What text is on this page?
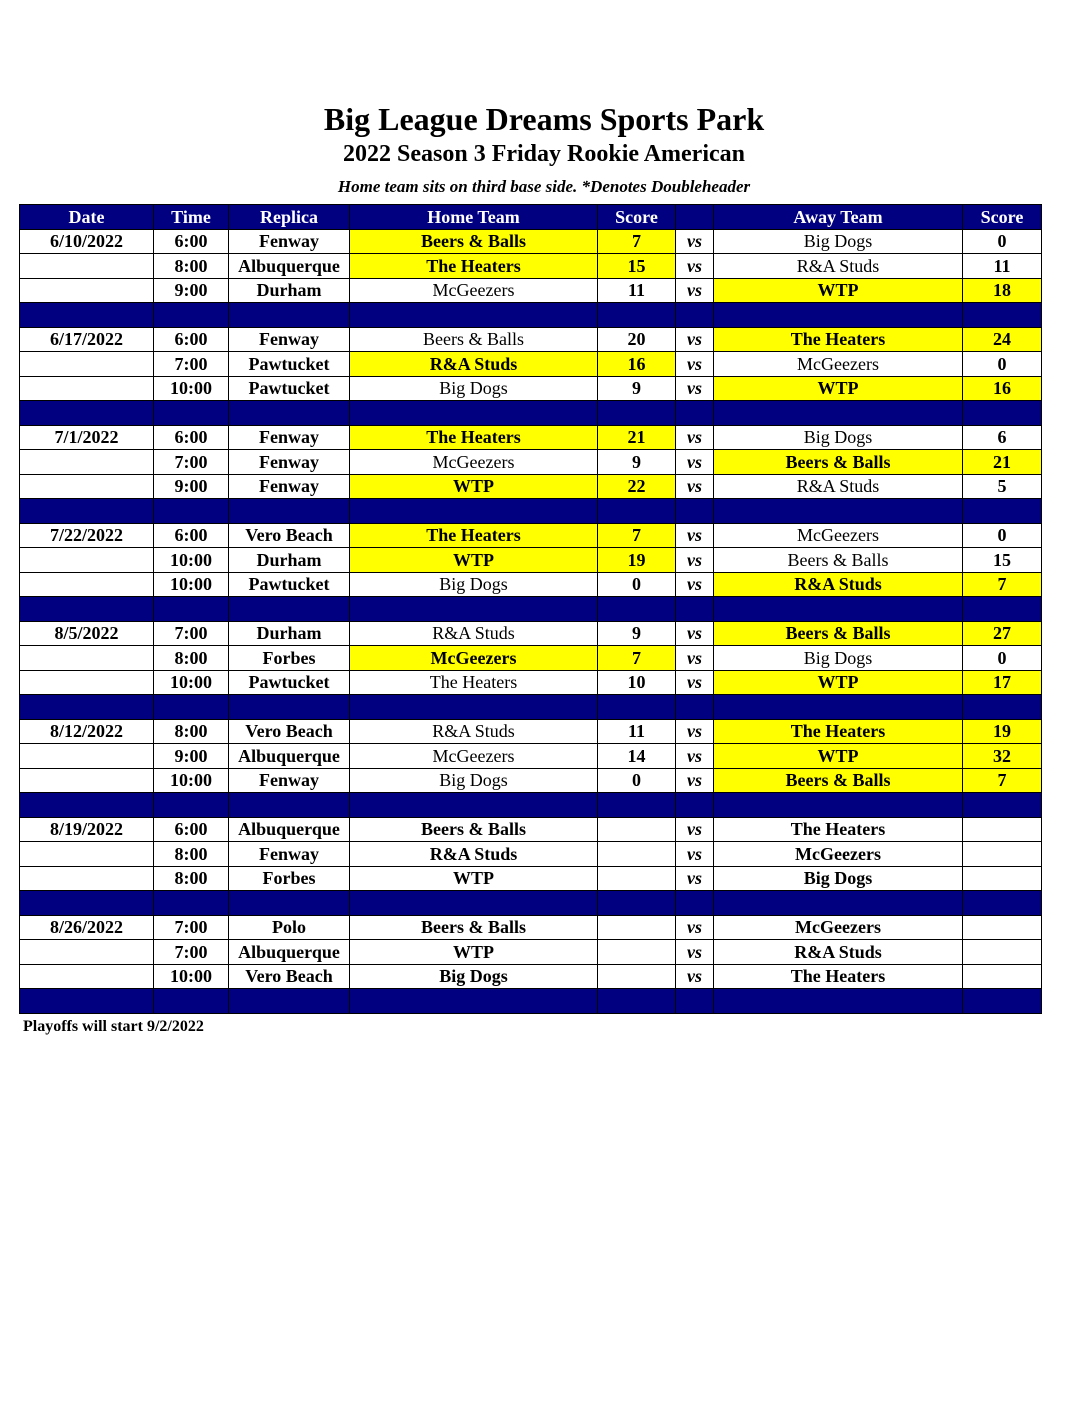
Big League Dreams Sports Park
2022 Season 3 Friday Rookie American
Home team sits on third base side. *Denotes Doubleheader
Date	Time	Replica	Home Team	Score		Away Team	Score
6/10/2022	6:00	Fenway	Beers & Balls	7	vs	Big Dogs	0
	8:00	Albuquerque	The Heaters	15	vs	R&A Studs	11
	9:00	Durham	McGeezers	11	vs	WTP	18

6/17/2022	6:00	Fenway	Beers & Balls	20	vs	The Heaters	24
	7:00	Pawtucket	R&A Studs	16	vs	McGeezers	0
	10:00	Pawtucket	Big Dogs	9	vs	WTP	16

7/1/2022	6:00	Fenway	The Heaters	21	vs	Big Dogs	6
	7:00	Fenway	McGeezers	9	vs	Beers & Balls	21
	9:00	Fenway	WTP	22	vs	R&A Studs	5

7/22/2022	6:00	Vero Beach	The Heaters	7	vs	McGeezers	0
	10:00	Durham	WTP	19	vs	Beers & Balls	15
	10:00	Pawtucket	Big Dogs	0	vs	R&A Studs	7

8/5/2022	7:00	Durham	R&A Studs	9	vs	Beers & Balls	27
	8:00	Forbes	McGeezers	7	vs	Big Dogs	0
	10:00	Pawtucket	The Heaters	10	vs	WTP	17

8/12/2022	8:00	Vero Beach	R&A Studs	11	vs	The Heaters	19
	9:00	Albuquerque	McGeezers	14	vs	WTP	32
	10:00	Fenway	Big Dogs	0	vs	Beers & Balls	7

8/19/2022	6:00	Albuquerque	Beers & Balls		vs	The Heaters	
	8:00	Fenway	R&A Studs		vs	McGeezers	
	8:00	Forbes	WTP		vs	Big Dogs	

8/26/2022	7:00	Polo	Beers & Balls		vs	McGeezers	
	7:00	Albuquerque	WTP		vs	R&A Studs	
	10:00	Vero Beach	Big Dogs		vs	The Heaters	

Playoffs will start 9/2/2022
